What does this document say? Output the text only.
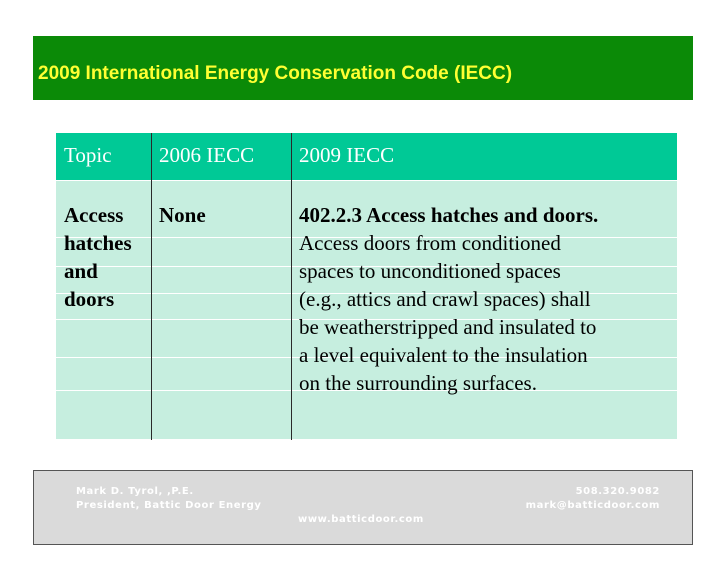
2009 International Energy Conservation Code (IECC)
Topic 2006 IECC 2009 IECC
Access
hatches
and
doors
None	402.2.3 Access hatches and doors.
Access doors from conditioned
spaces to unconditioned spaces
(e.g., attics and crawl spaces) shall
be weatherstripped and insulated to
a level equivalent to the insulation
on the surrounding surfaces.
Mark D. Tyrol, ,P.E.
President, Battic Door Energy
www.batticdoor.com
508.320.9082
mark@batticdoor.com
